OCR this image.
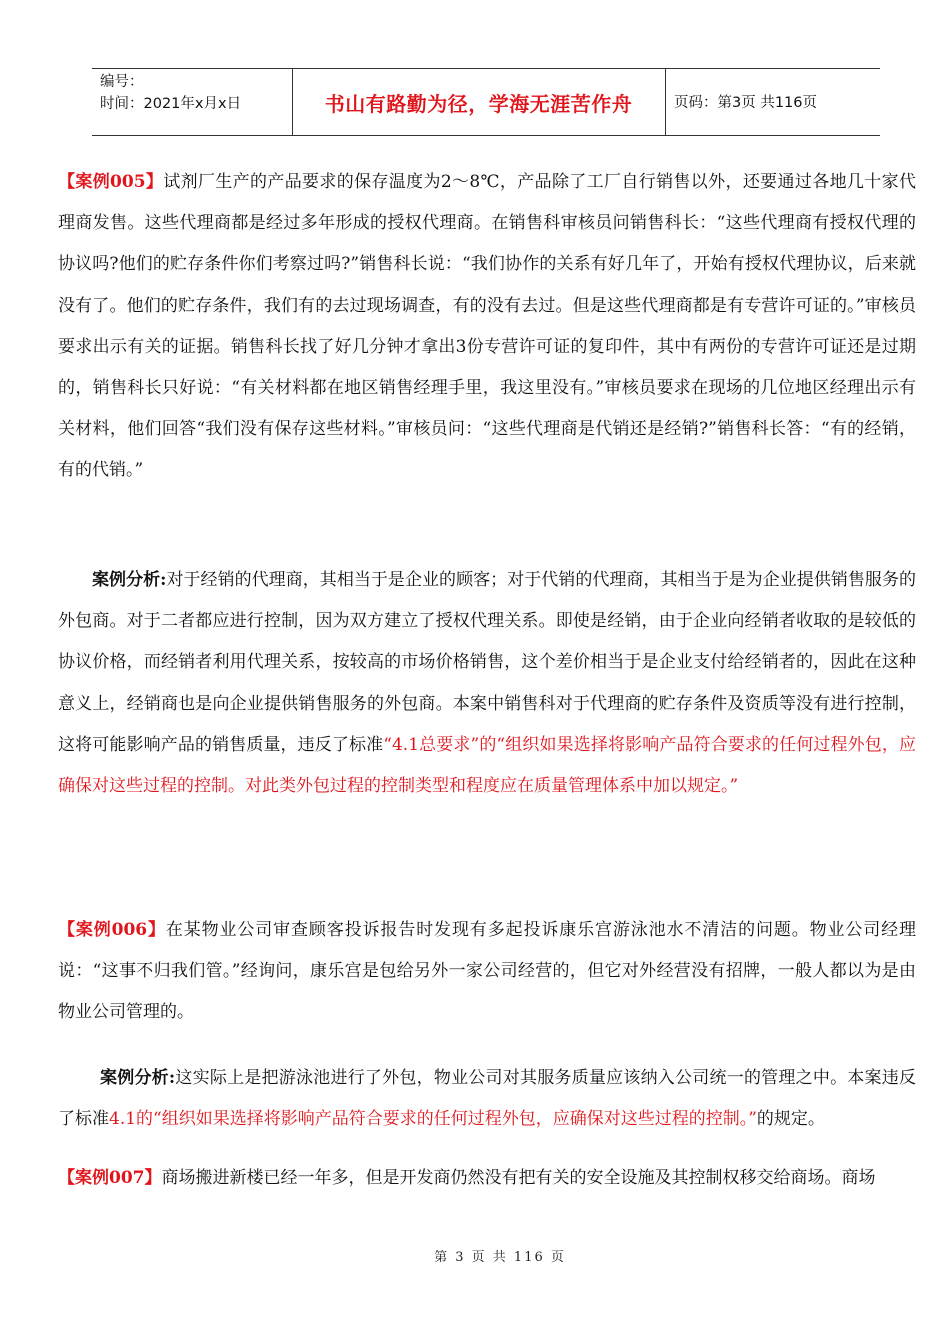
编号：
时间：2021年x月x日	书山有路勤为径，学海无涯苦作舟	页码：第3页 共116页

【案例005】试剂厂生产的产品要求的保存温度为2～8℃，产品除了工厂自行销售以外，还要通过各地几十家代理商发售。这些代理商都是经过多年形成的授权代理商。在销售科审核员问销售科长：“这些代理商有授权代理的协议吗?他们的贮存条件你们考察过吗?”销售科长说：“我们协作的关系有好几年了，开始有授权代理协议，后来就没有了。他们的贮存条件，我们有的去过现场调查，有的没有去过。但是这些代理商都是有专营许可证的。”审核员要求出示有关的证据。销售科长找了好几分钟才拿出3份专营许可证的复印件，其中有两份的专营许可证还是过期的，销售科长只好说：“有关材料都在地区销售经理手里，我这里没有。”审核员要求在现场的几位地区经理出示有关材料，他们回答“我们没有保存这些材料。”审核员问：“这些代理商是代销还是经销?”销售科长答：“有的经销，有的代销。”

案例分析:对于经销的代理商，其相当于是企业的顾客；对于代销的代理商，其相当于是为企业提供销售服务的外包商。对于二者都应进行控制，因为双方建立了授权代理关系。即使是经销，由于企业向经销者收取的是较低的协议价格，而经销者利用代理关系，按较高的市场价格销售，这个差价相当于是企业支付给经销者的，因此在这种意义上，经销商也是向企业提供销售服务的外包商。本案中销售科对于代理商的贮存条件及资质等没有进行控制，这将可能影响产品的销售质量，违反了标准“4.1总要求”的“组织如果选择将影响产品符合要求的任何过程外包，应确保对这些过程的控制。对此类外包过程的控制类型和程度应在质量管理体系中加以规定。”

【案例006】在某物业公司审查顾客投诉报告时发现有多起投诉康乐宫游泳池水不清洁的问题。物业公司经理说：“这事不归我们管。”经询问，康乐宫是包给另外一家公司经营的，但它对外经营没有招牌，一般人都以为是由物业公司管理的。

案例分析:这实际上是把游泳池进行了外包，物业公司对其服务质量应该纳入公司统一的管理之中。本案违反了标准4.1的“组织如果选择将影响产品符合要求的任何过程外包，应确保对这些过程的控制。”的规定。

【案例007】商场搬进新楼已经一年多，但是开发商仍然没有把有关的安全设施及其控制权移交给商场。商场

第 3 页 共 116 页
